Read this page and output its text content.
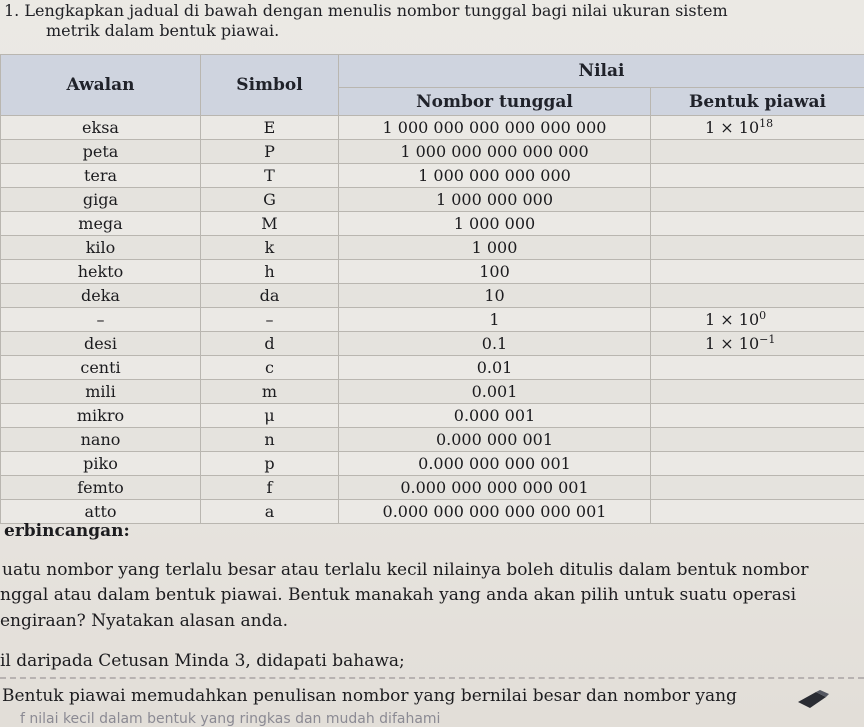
1. Lengkapkan jadual di bawah dengan menulis nombor tunggal bagi nilai ukuran sistem
metrik dalam bentuk piawai.
Awalan	Simbol	Nilai	
		Nombor tunggal	Bentuk piawai
eksa	E	1 000 000 000 000 000 000	$1 \times 10^{18}$
peta	P	1 000 000 000 000 000	
tera	T	1 000 000 000 000	
giga	G	1 000 000 000	
mega	M	1 000 000	
kilo	k	1 000	
hekto	h	100	
deka	da	10	
–	–	1	$1 \times 10^0$
desi	d	0.1	$1 \times 10^{-1}$
centi	c	0.01	
mili	m	0.001	
mikro	μ	0.000 001	
nano	n	0.000 000 001	
piko	p	0.000 000 000 001	
femto	f	0.000 000 000 000 001	
atto	a	0.000 000 000 000 000 001	
erbincangan:
uatu nombor yang terlalu besar atau terlalu kecil nilainya boleh ditulis dalam bentuk nombor
nggal atau dalam bentuk piawai. Bentuk manakah yang anda akan pilih untuk suatu operasi
engiraan? Nyatakan alasan anda.
il daripada Cetusan Minda 3, didapati bahawa;
Bentuk piawai memudahkan penulisan nombor yang bernilai besar dan nombor yang
f nilai kecil dalam bentuk yang ringkas dan mudah difahami
